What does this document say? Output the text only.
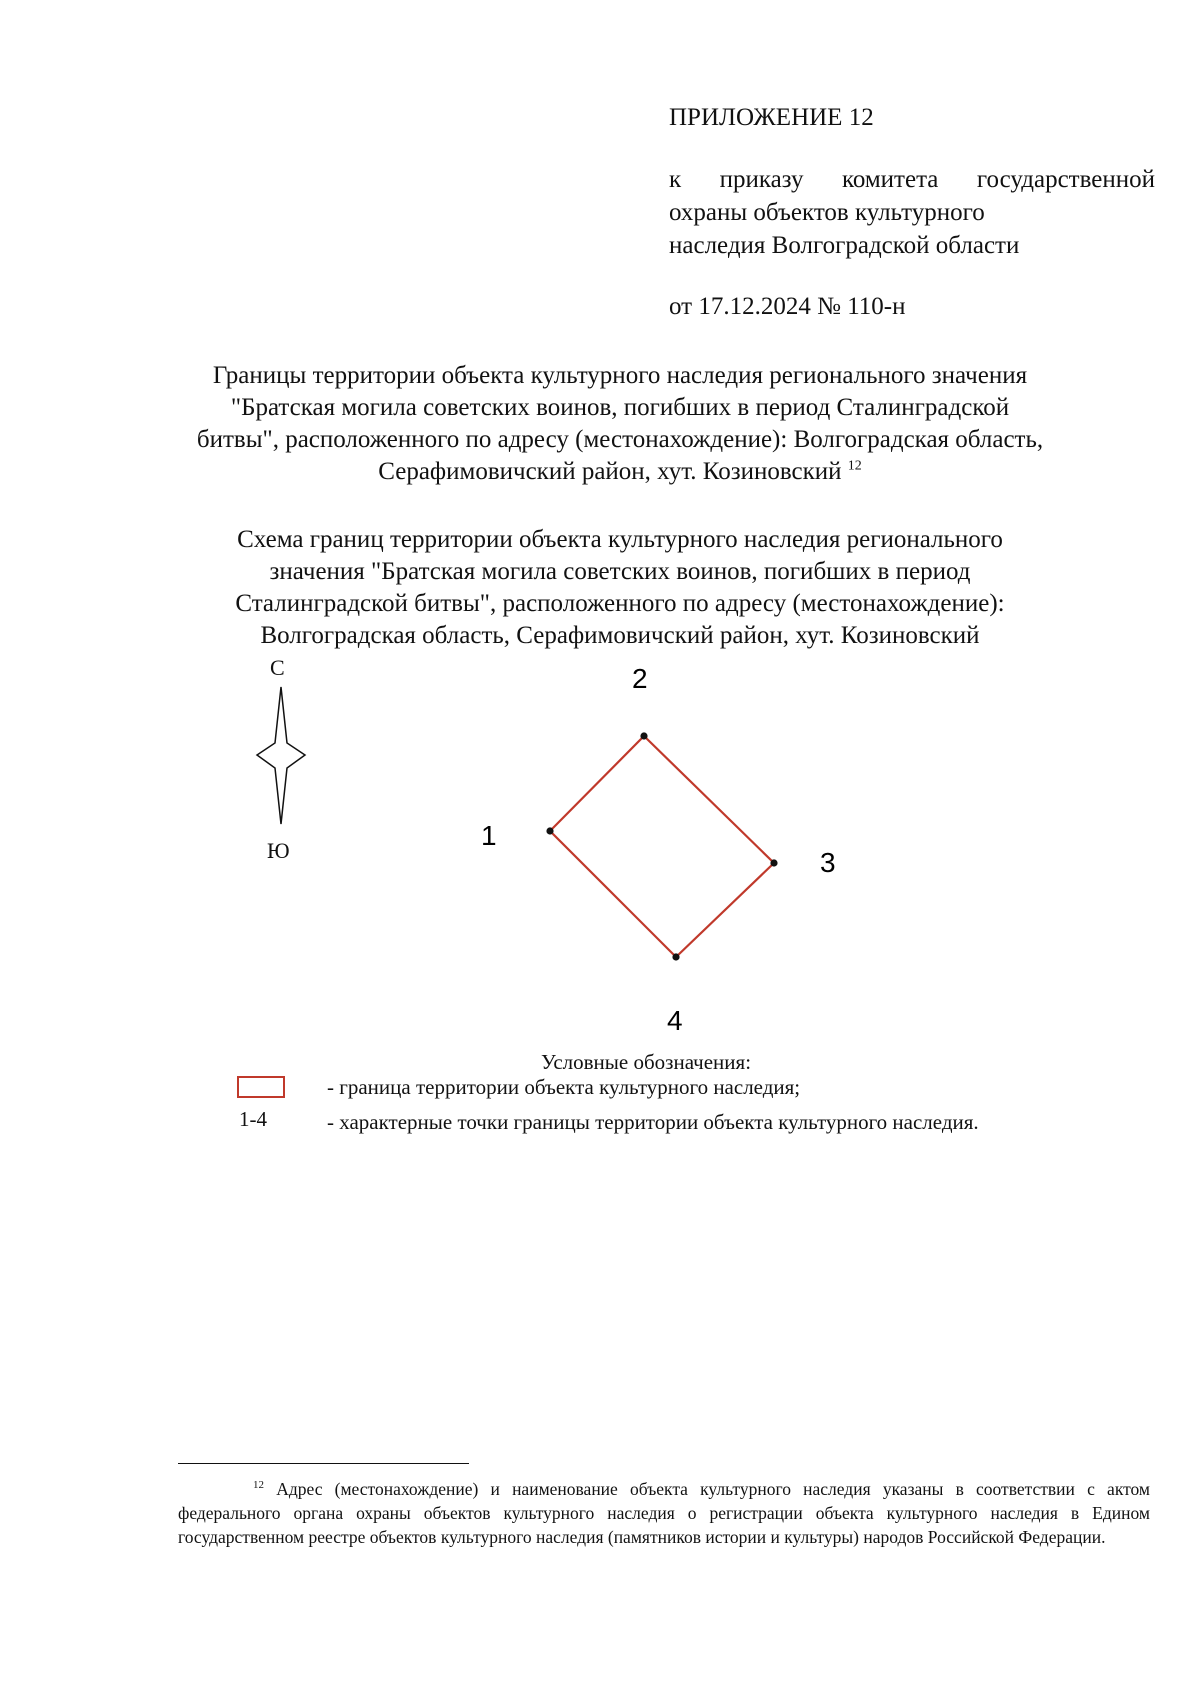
ПРИЛОЖЕНИЕ 12
к приказу комитета государственной
охраны объектов культурного
наследия Волгоградской области
от 17.12.2024 № 110-н
Границы территории объекта культурного наследия регионального значения
"Братская могила советских воинов, погибших в период Сталинградской
битвы", расположенного по адресу (местонахождение): Волгоградская область,
Серафимовичский район, хут. Козиновский $^{12}$
Схема границ территории объекта культурного наследия регионального
значения "Братская могила советских воинов, погибших в период
Сталинградской битвы", расположенного по адресу (местонахождение):
Волгоградская область, Серафимовичский район, хут. Козиновский
С
Ю	1
2
3
4
Условные обозначения:
- граница территории объекта культурного наследия;
1-4	- характерные точки границы территории объекта культурного наследия.
$^{12}$ Адрес (местонахождение) и наименование объекта культурного наследия указаны в соответствии с актом федерального органа охраны объектов культурного наследия о регистрации объекта культурного наследия в Едином государственном реестре объектов культурного наследия (памятников истории и культуры) народов Российской Федерации.
